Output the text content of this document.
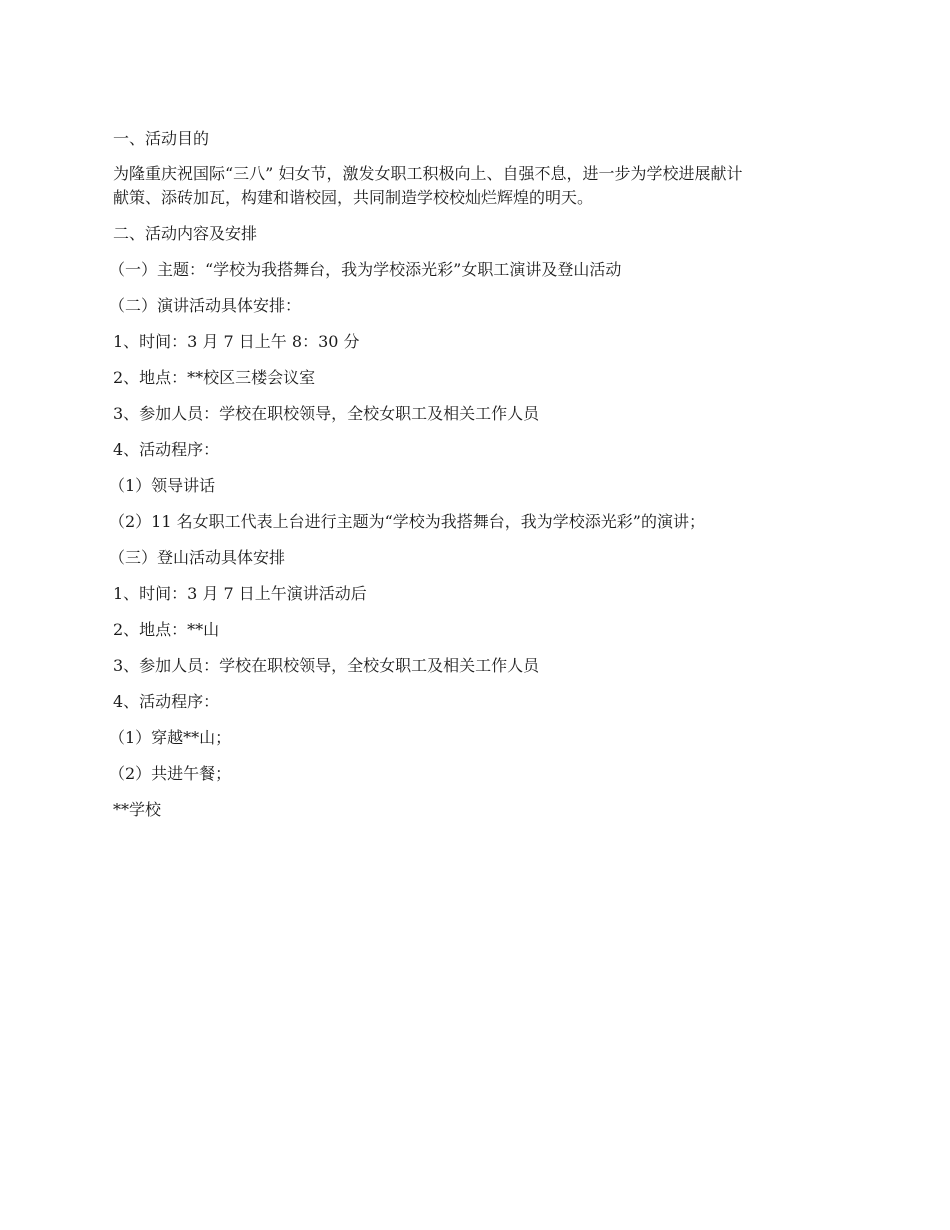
一、活动目的

为隆重庆祝国际“三八” 妇女节，激发女职工积极向上、自强不息，进一步为学校进展献计
献策、添砖加瓦，构建和谐校园，共同制造学校校灿烂辉煌的明天。

二、活动内容及安排

（一）主题：“学校为我搭舞台，我为学校添光彩”女职工演讲及登山活动

（二）演讲活动具体安排：

1、时间：3 月 7 日上午 8：30 分

2、地点：**校区三楼会议室

3、参加人员：学校在职校领导，全校女职工及相关工作人员

4、活动程序：

（1）领导讲话

（2）11 名女职工代表上台进行主题为“学校为我搭舞台，我为学校添光彩”的演讲；

（三）登山活动具体安排

1、时间：3 月 7 日上午演讲活动后

2、地点：**山

3、参加人员：学校在职校领导，全校女职工及相关工作人员

4、活动程序：

（1）穿越**山；

（2）共进午餐；

**学校
